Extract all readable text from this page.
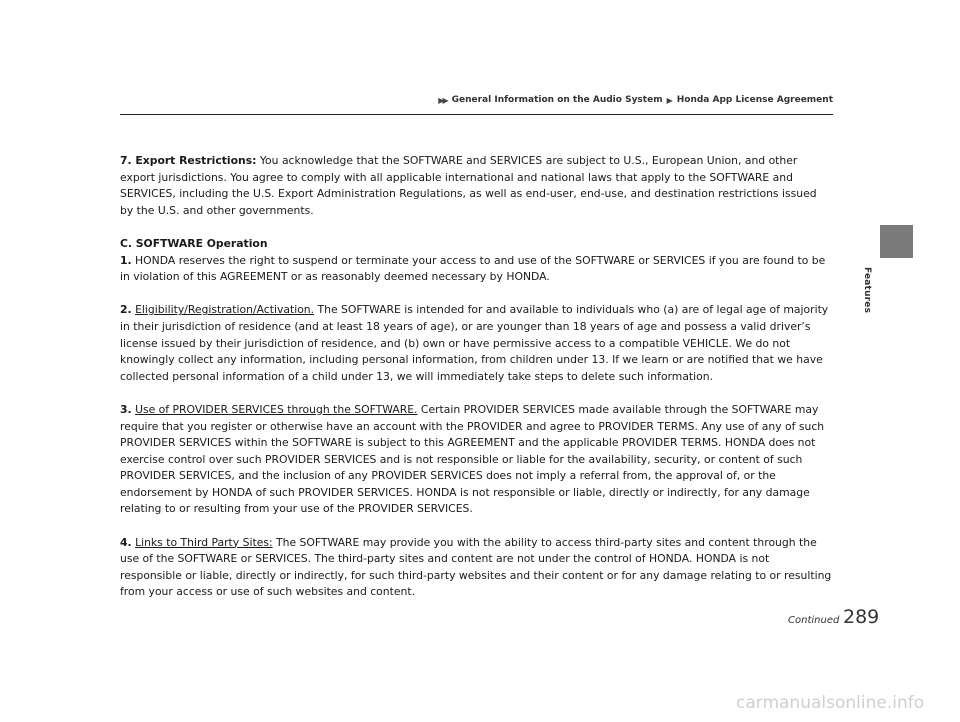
▶▶ General Information on the Audio System ▶ Honda App License Agreement
Features

7. Export Restrictions: You acknowledge that the SOFTWARE and SERVICES are subject to U.S., European Union, and other export jurisdictions. You agree to comply with all applicable international and national laws that apply to the SOFTWARE and SERVICES, including the U.S. Export Administration Regulations, as well as end-user, end-use, and destination restrictions issued by the U.S. and other governments.

C. SOFTWARE Operation
1. HONDA reserves the right to suspend or terminate your access to and use of the SOFTWARE or SERVICES if you are found to be in violation of this AGREEMENT or as reasonably deemed necessary by HONDA.

2. Eligibility/Registration/Activation. The SOFTWARE is intended for and available to individuals who (a) are of legal age of majority in their jurisdiction of residence (and at least 18 years of age), or are younger than 18 years of age and possess a valid driver’s license issued by their jurisdiction of residence, and (b) own or have permissive access to a compatible VEHICLE. We do not knowingly collect any information, including personal information, from children under 13. If we learn or are notified that we have collected personal information of a child under 13, we will immediately take steps to delete such information.

3. Use of PROVIDER SERVICES through the SOFTWARE. Certain PROVIDER SERVICES made available through the SOFTWARE may require that you register or otherwise have an account with the PROVIDER and agree to PROVIDER TERMS. Any use of any of such PROVIDER SERVICES within the SOFTWARE is subject to this AGREEMENT and the applicable PROVIDER TERMS. HONDA does not exercise control over such PROVIDER SERVICES and is not responsible or liable for the availability, security, or content of such PROVIDER SERVICES, and the inclusion of any PROVIDER SERVICES does not imply a referral from, the approval of, or the endorsement by HONDA of such PROVIDER SERVICES. HONDA is not responsible or liable, directly or indirectly, for any damage relating to or resulting from your use of the PROVIDER SERVICES.

4. Links to Third Party Sites: The SOFTWARE may provide you with the ability to access third-party sites and content through the use of the SOFTWARE or SERVICES. The third-party sites and content are not under the control of HONDA. HONDA is not responsible or liable, directly or indirectly, for such third-party websites and their content or for any damage relating to or resulting from your access or use of such websites and content.

Continued 289
carmanualsonline.info
